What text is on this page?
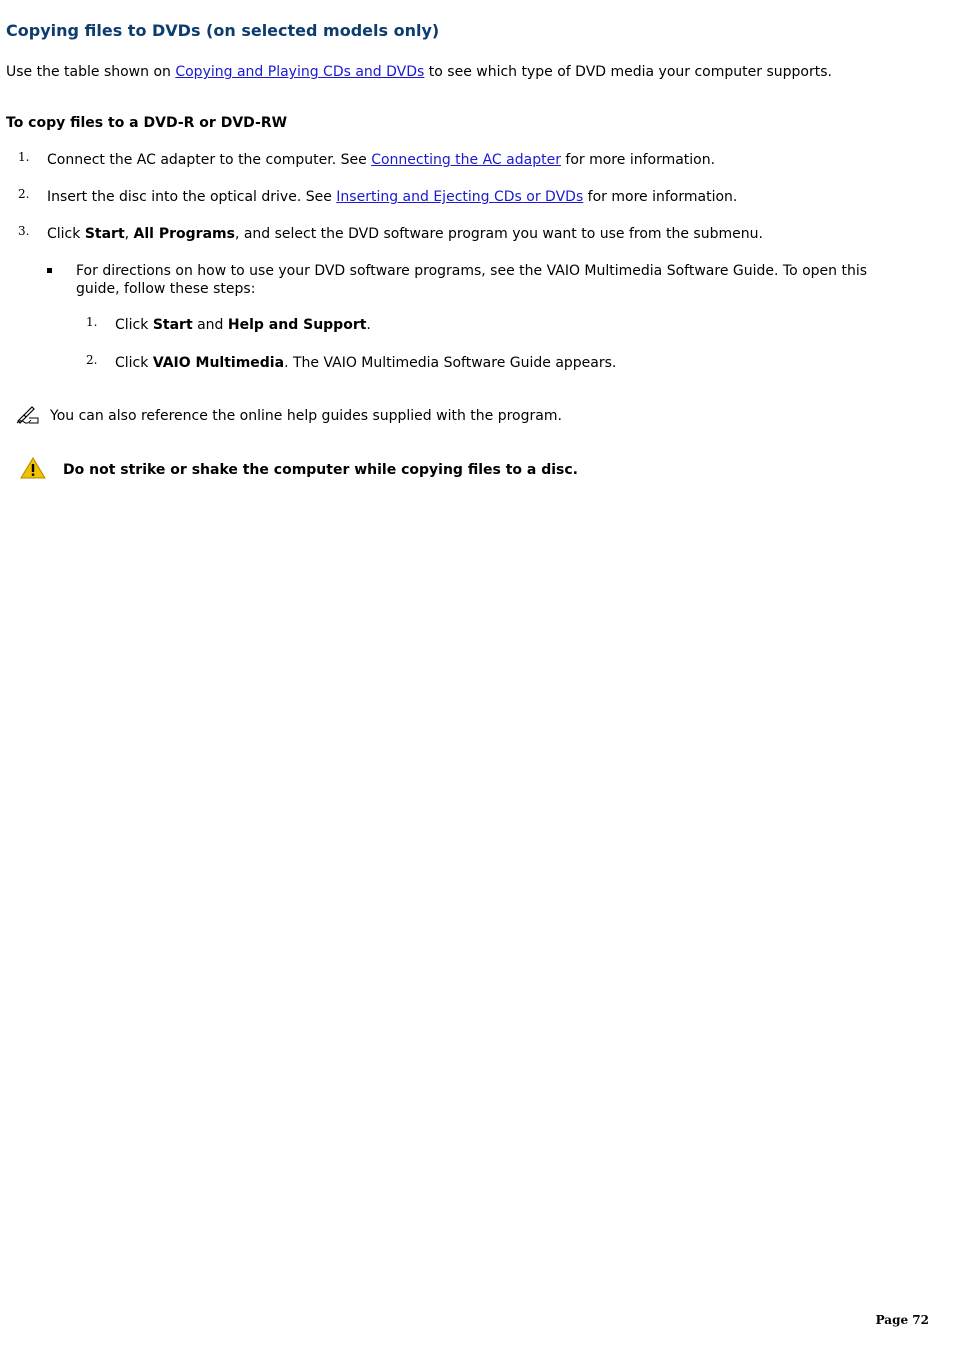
Copying files to DVDs (on selected models only)
Use the table shown on Copying and Playing CDs and DVDs to see which type of DVD media your computer supports.
To copy files to a DVD-R or DVD-RW
1. Connect the AC adapter to the computer. See Connecting the AC adapter for more information.
2. Insert the disc into the optical drive. See Inserting and Ejecting CDs or DVDs for more information.
3. Click Start, All Programs, and select the DVD software program you want to use from the submenu.
For directions on how to use your DVD software programs, see the VAIO Multimedia Software Guide. To open this guide, follow these steps:
1. Click Start and Help and Support.
2. Click VAIO Multimedia. The VAIO Multimedia Software Guide appears.
You can also reference the online help guides supplied with the program.
Do not strike or shake the computer while copying files to a disc.
Page 72
